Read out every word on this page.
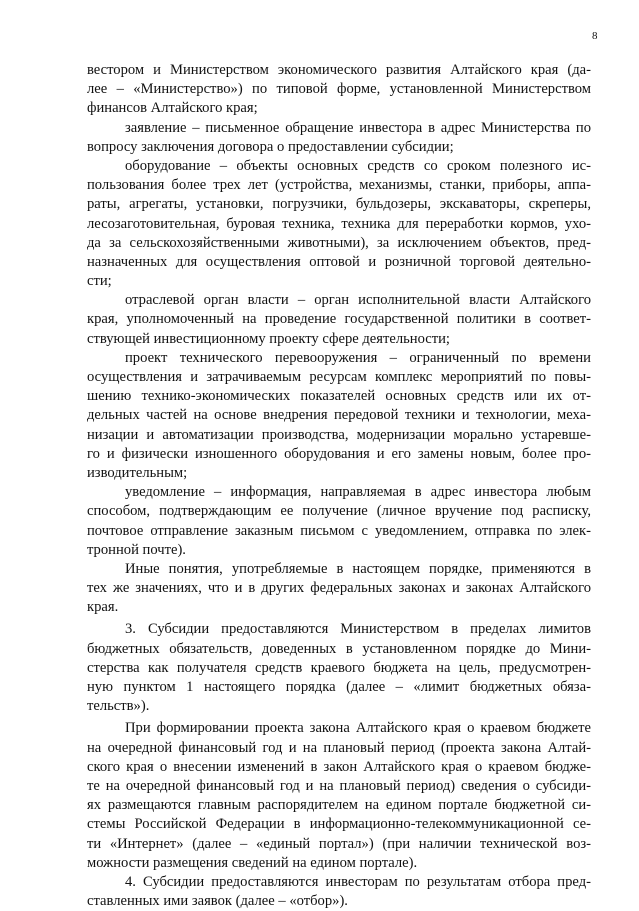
8
вестором и Министерством экономического развития Алтайского края (да-
лее – «Министерство») по типовой форме, установленной Министерством
финансов Алтайского края;
заявление – письменное обращение инвестора в адрес Министерства по
вопросу заключения договора о предоставлении субсидии;
оборудование – объекты основных средств со сроком полезного ис-
пользования более трех лет (устройства, механизмы, станки, приборы, аппа-
раты, агрегаты, установки, погрузчики, бульдозеры, экскаваторы, скреперы,
лесозаготовительная, буровая техника, техника для переработки кормов, ухо-
да за сельскохозяйственными животными), за исключением объектов, пред-
назначенных для осуществления оптовой и розничной торговой деятельно-
сти;
отраслевой орган власти – орган исполнительной власти Алтайского
края, уполномоченный на проведение государственной политики в соответ-
ствующей инвестиционному проекту сфере деятельности;
проект технического перевооружения – ограниченный по времени
осуществления и затрачиваемым ресурсам комплекс мероприятий по повы-
шению технико-экономических показателей основных средств или их от-
дельных частей на основе внедрения передовой техники и технологии, меха-
низации и автоматизации производства, модернизации морально устаревше-
го и физически изношенного оборудования и его замены новым, более про-
изводительным;
уведомление – информация, направляемая в адрес инвестора любым
способом, подтверждающим ее получение (личное вручение под расписку,
почтовое отправление заказным письмом с уведомлением, отправка по элек-
тронной почте).
Иные понятия, употребляемые в настоящем порядке, применяются в
тех же значениях, что и в других федеральных законах и законах Алтайского
края.
3. Субсидии предоставляются Министерством в пределах лимитов
бюджетных обязательств, доведенных в установленном порядке до Мини-
стерства как получателя средств краевого бюджета на цель, предусмотрен-
ную пунктом 1 настоящего порядка (далее – «лимит бюджетных обяза-
тельств»).
При формировании проекта закона Алтайского края о краевом бюджете
на очередной финансовый год и на плановый период (проекта закона Алтай-
ского края о внесении изменений в закон Алтайского края о краевом бюдже-
те на очередной финансовый год и на плановый период) сведения о субсиди-
ях размещаются главным распорядителем на едином портале бюджетной си-
стемы Российской Федерации в информационно-телекоммуникационной се-
ти «Интернет» (далее – «единый портал») (при наличии технической воз-
можности размещения сведений на едином портале).
4. Субсидии предоставляются инвесторам по результатам отбора пред-
ставленных ими заявок (далее – «отбор»).
